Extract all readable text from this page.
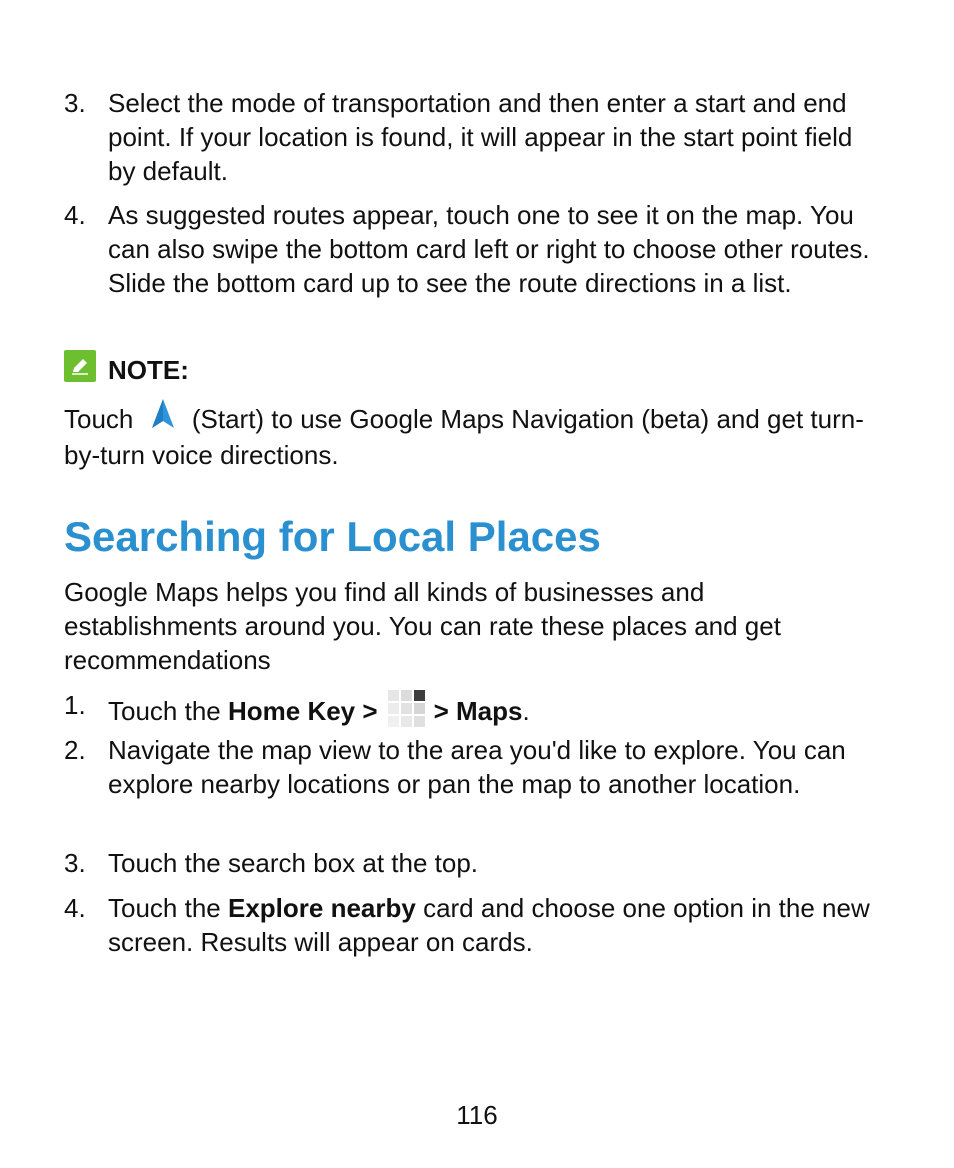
3. Select the mode of transportation and then enter a start and end point. If your location is found, it will appear in the start point field by default.

4. As suggested routes appear, touch one to see it on the map. You can also swipe the bottom card left or right to choose other routes.

Slide the bottom card up to see the route directions in a list.

NOTE:
Touch (Start) to use Google Maps Navigation (beta) and get turn-by-turn voice directions.
Searching for Local Places

Google Maps helps you find all kinds of businesses and establishments around you. You can rate these places and get recommendations

1. Touch the Home Key > > Maps.

2. Navigate the map view to the area you'd like to explore. You can explore nearby locations or pan the map to another location.

3. Touch the search box at the top.

4. Touch the Explore nearby card and choose one option in the new screen. Results will appear on cards.

116
